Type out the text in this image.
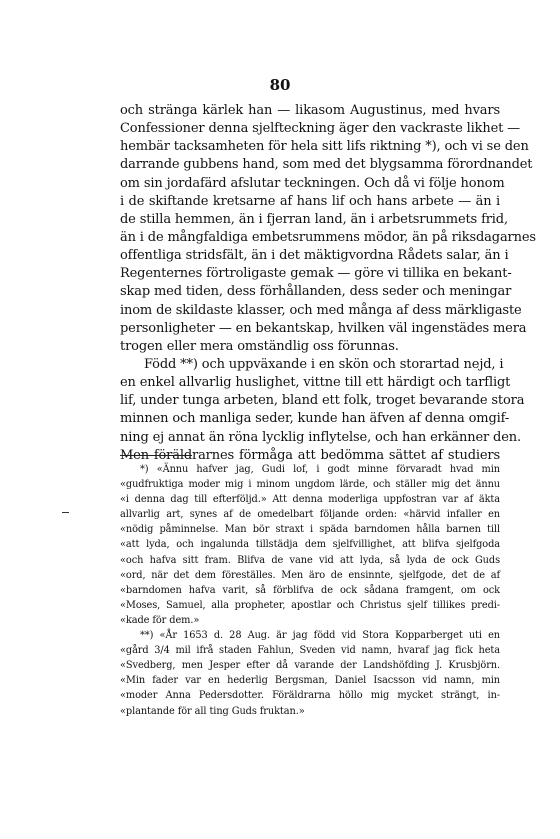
80
och stränga kärlek han — likasom Augustinus, med hvars
Confessioner denna sjelfteckning äger den vackraste likhet —
hembär tacksamheten för hela sitt lifs riktning *), och vi se den
darrande gubbens hand, som med det blygsamma förordnandet
om sin jordafärd afslutar teckningen. Och då vi följe honom
i de skiftande kretsarne af hans lif och hans arbete — än i
de stilla hemmen, än i fjerran land, än i arbetsrummets frid,
än i de mångfaldiga embetsrummens mödor, än på riksdagarnes
offentliga stridsfält, än i det mäktigvordna Rådets salar, än i
Regenternes förtroligaste gemak — göre vi tillika en bekant-
skap med tiden, dess förhållanden, dess seder och meningar
inom de skildaste klasser, och med många af dess märkligaste
personligheter — en bekantskap, hvilken väl ingenstädes mera
trogen eller mera omständlig oss förunnas.
Född **) och uppväxande i en skön och storartad nejd, i
en enkel allvarlig huslighet, vittne till ett härdigt och tarfligt
lif, under tunga arbeten, bland ett folk, troget bevarande stora
minnen och manliga seder, kunde han äfven af denna omgif-
ning ej annat än röna lycklig inflytelse, och han erkänner den.
Men föräldrarnes förmåga att bedömma sättet af studiers
*) «Ännu hafver jag, Gudi lof, i godt minne förvaradt hvad min
«gudfruktiga moder mig i minom ungdom lärde, och ställer mig det ännu
«i denna dag till efterföljd.» Att denna moderliga uppfostran var af äkta
allvarlig art, synes af de omedelbart följande orden: «härvid infaller en
«nödig påminnelse. Man bör straxt i späda barndomen hålla barnen till
«att lyda, och ingalunda tillstädja dem sjelfvillighet, att blifva sjelfgoda
«och hafva sitt fram. Blifva de vane vid att lyda, så lyda de ock Guds
«ord, när det dem föreställes. Men äro de ensinnte, sjelfgode, det de af
«barndomen hafva varit, så förblifva de ock sådana framgent, om ock
«Moses, Samuel, alla propheter, apostlar och Christus sjelf tillikes predi-
«kade för dem.»
**) «År 1653 d. 28 Aug. är jag född vid Stora Kopparberget uti en
«gård 3/4 mil ifrå staden Fahlun, Sveden vid namn, hvaraf jag fick heta
«Svedberg, men Jesper efter då varande der Landshöfding J. Krusbjörn.
«Min fader var en hederlig Bergsman, Daniel Isacsson vid namn, min
«moder Anna Pedersdotter. Föräldrarna höllo mig mycket strängt, in-
«plantande för all ting Guds fruktan.»
